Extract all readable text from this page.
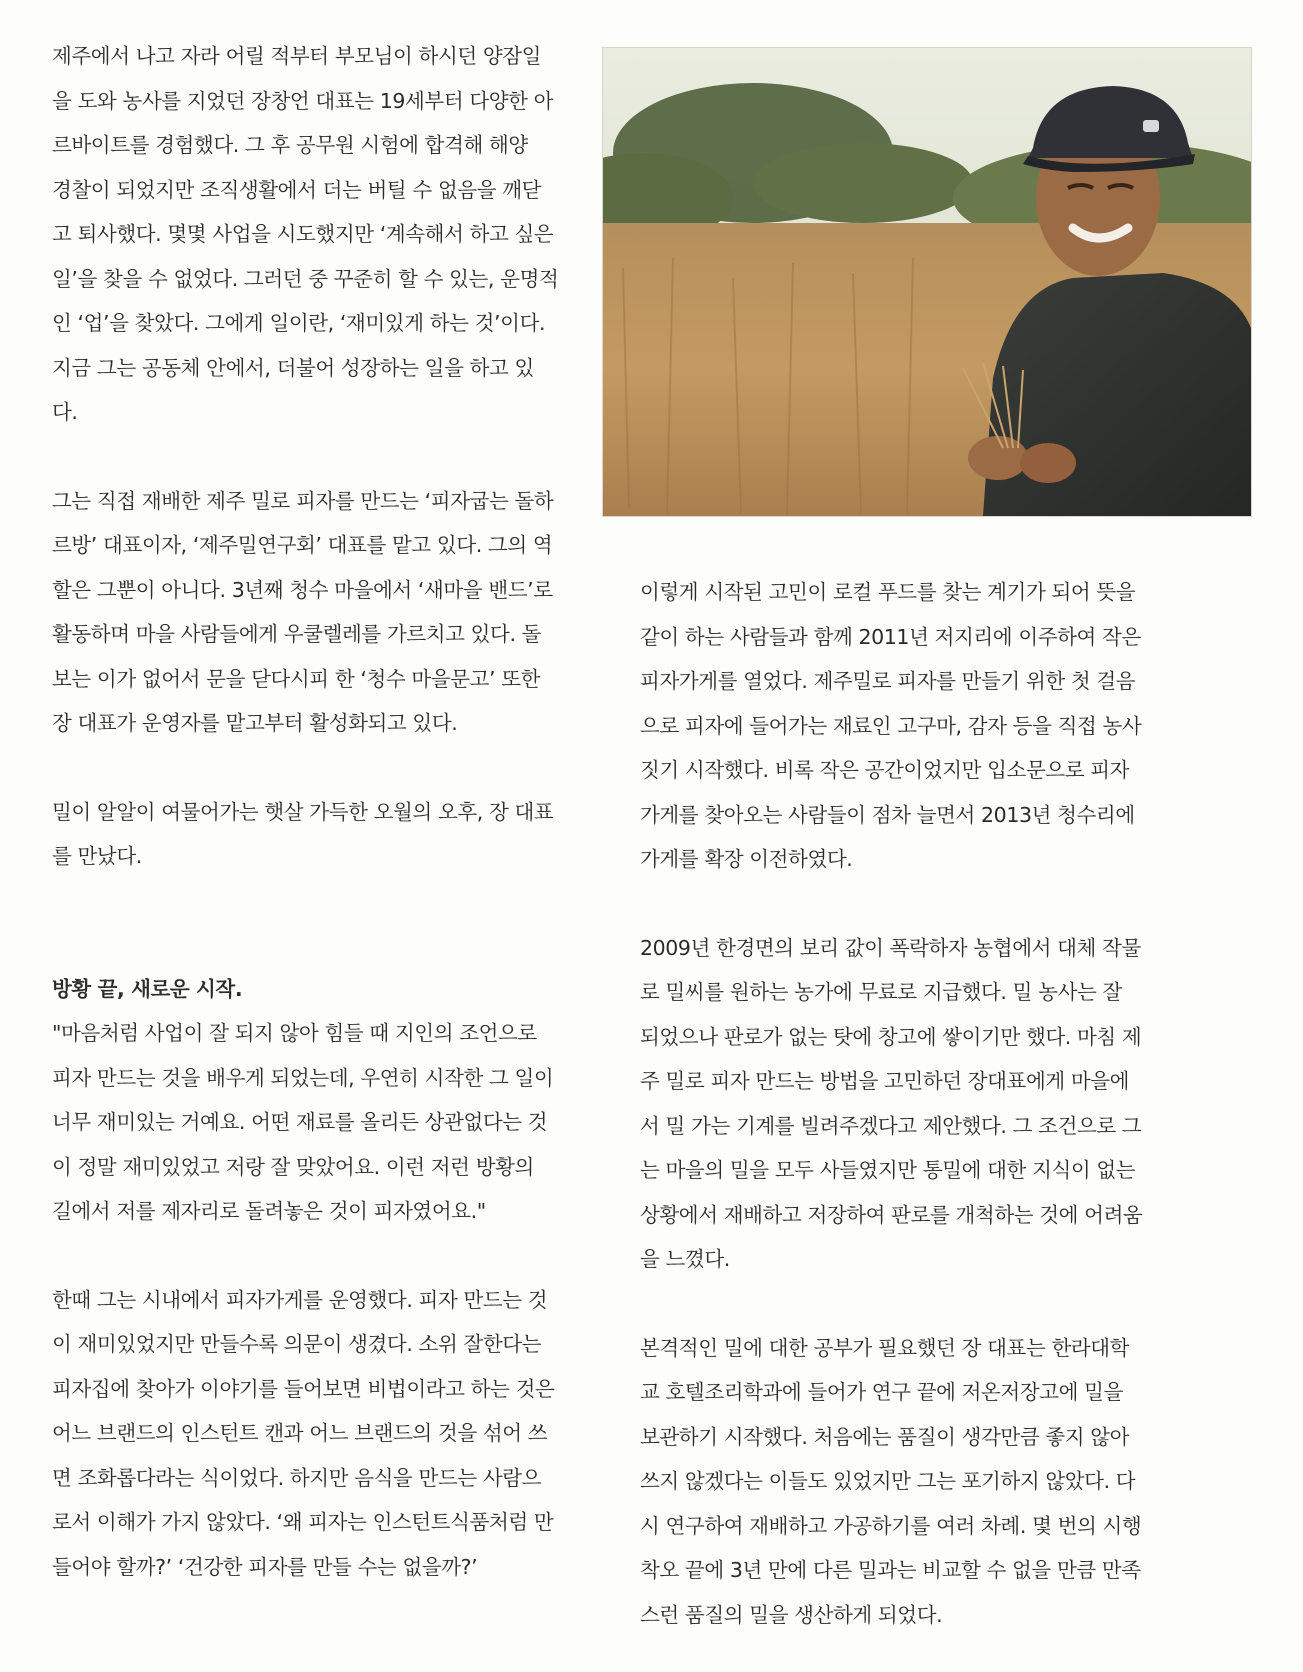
제주에서 나고 자라 어릴 적부터 부모님이 하시던 양잠일

을 도와 농사를 지었던 장창언 대표는 19세부터 다양한 아

르바이트를 경험했다. 그 후 공무원 시험에 합격해 해양

경찰이 되었지만 조직생활에서 더는 버틸 수 없음을 깨닫

고 퇴사했다. 몇몇 사업을 시도했지만 ‘계속해서 하고 싶은

일’을 찾을 수 없었다. 그러던 중 꾸준히 할 수 있는, 운명적

인 ‘업’을 찾았다. 그에게 일이란, ‘재미있게 하는 것’이다.

지금 그는 공동체 안에서, 더불어 성장하는 일을 하고 있

다.

그는 직접 재배한 제주 밀로 피자를 만드는 ‘피자굽는 돌하

르방’ 대표이자, ‘제주밀연구회’ 대표를 맡고 있다. 그의 역

할은 그뿐이 아니다. 3년째 청수 마을에서 ‘새마을 밴드’로

활동하며 마을 사람들에게 우쿨렐레를 가르치고 있다. 돌

보는 이가 없어서 문을 닫다시피 한 ‘청수 마을문고’ 또한

장 대표가 운영자를 맡고부터 활성화되고 있다.

밀이 알알이 여물어가는 햇살 가득한 오월의 오후, 장 대표

를 만났다.

방황 끝, 새로운 시작.

"마음처럼 사업이 잘 되지 않아 힘들 때 지인의 조언으로

피자 만드는 것을 배우게 되었는데, 우연히 시작한 그 일이

너무 재미있는 거예요. 어떤 재료를 올리든 상관없다는 것

이 정말 재미있었고 저랑 잘 맞았어요. 이런 저런 방황의

길에서 저를 제자리로 돌려놓은 것이 피자였어요."

한때 그는 시내에서 피자가게를 운영했다. 피자 만드는 것

이 재미있었지만 만들수록 의문이 생겼다. 소위 잘한다는

피자집에 찾아가 이야기를 들어보면 비법이라고 하는 것은

어느 브랜드의 인스턴트 캔과 어느 브랜드의 것을 섞어 쓰

면 조화롭다라는 식이었다. 하지만 음식을 만드는 사람으

로서 이해가 가지 않았다. ‘왜 피자는 인스턴트식품처럼 만

들어야 할까?’ ‘건강한 피자를 만들 수는 없을까?’

이렇게 시작된 고민이 로컬 푸드를 찾는 계기가 되어 뜻을

같이 하는 사람들과 함께 2011년 저지리에 이주하여 작은

피자가게를 열었다. 제주밀로 피자를 만들기 위한 첫 걸음

으로 피자에 들어가는 재료인 고구마, 감자 등을 직접 농사

짓기 시작했다. 비록 작은 공간이었지만 입소문으로 피자

가게를 찾아오는 사람들이 점차 늘면서 2013년 청수리에

가게를 확장 이전하였다.

2009년 한경면의 보리 값이 폭락하자 농협에서 대체 작물

로 밀씨를 원하는 농가에 무료로 지급했다. 밀 농사는 잘

되었으나 판로가 없는 탓에 창고에 쌓이기만 했다. 마침 제

주 밀로 피자 만드는 방법을 고민하던 장대표에게 마을에

서 밀 가는 기계를 빌려주겠다고 제안했다. 그 조건으로 그

는 마을의 밀을 모두 사들였지만 통밀에 대한 지식이 없는

상황에서 재배하고 저장하여 판로를 개척하는 것에 어려움

을 느꼈다.

본격적인 밀에 대한 공부가 필요했던 장 대표는 한라대학

교 호텔조리학과에 들어가 연구 끝에 저온저장고에 밀을

보관하기 시작했다. 처음에는 품질이 생각만큼 좋지 않아

쓰지 않겠다는 이들도 있었지만 그는 포기하지 않았다. 다

시 연구하여 재배하고 가공하기를 여러 차례. 몇 번의 시행

착오 끝에 3년 만에 다른 밀과는 비교할 수 없을 만큼 만족

스런 품질의 밀을 생산하게 되었다.
